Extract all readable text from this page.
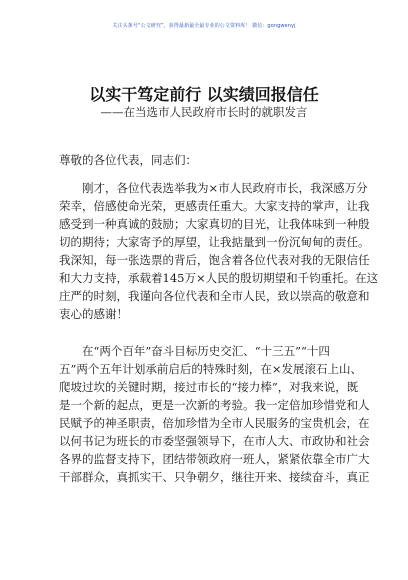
关注头条号“公文研究”，获得最新最全最专业的公文资料库！ 微信：gongwenyj
以实干笃定前行 以实绩回报信任
——在当选市人民政府市长时的就职发言
尊敬的各位代表，同志们：
　　刚才，各位代表选举我为×市人民政府市长，我深感万分
荣幸，倍感使命光荣，更感责任重大。大家支持的掌声，让我
感受到一种真诚的鼓励；大家真切的目光，让我体味到一种殷
切的期待；大家寄予的厚望，让我掂量到一份沉甸甸的责任。
我深知，每一张选票的背后，饱含着各位代表对我的无限信任
和大力支持，承载着145万×人民的殷切期望和千钧重托。在这
庄严的时刻，我谨向各位代表和全市人民，致以崇高的敬意和
衷心的感谢！
　　在“两个百年”奋斗目标历史交汇、“十三五”“十四
五”两个五年计划承前启后的特殊时刻，在×发展滚石上山、
爬坡过坎的关键时期，接过市长的“接力棒”，对我来说，既
是一个新的起点，更是一次新的考验。我一定倍加珍惜党和人
民赋予的神圣职责，倍加珍惜为全市人民服务的宝贵机会，在
以何书记为班长的市委坚强领导下，在市人大、市政协和社会
各界的监督支持下，团结带领政府一班人，紧紧依靠全市广大
干部群众，真抓实干、只争朝夕，继往开来、接续奋斗，真正
